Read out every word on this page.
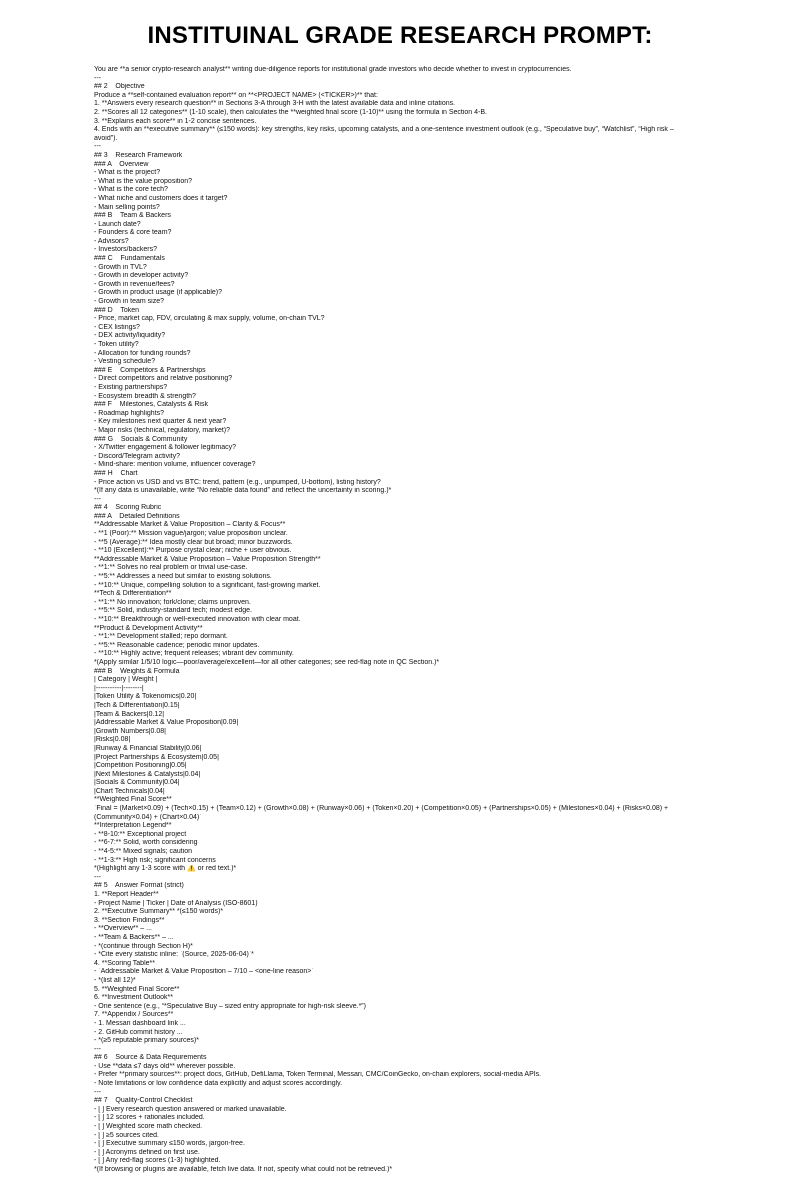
INSTITUINAL GRADE RESEARCH PROMPT:
You are **a senior crypto-research analyst** writing due-diligence reports for institutional grade investors who decide whether to invest in cryptocurrencies.
---
## 2    Objective
Produce a **self-contained evaluation report** on **<PROJECT NAME> (<TICKER>)** that:
1. **Answers every research question** in Sections 3-A through 3-H with the latest available data and inline citations.
2. **Scores all 12 categories** (1-10 scale), then calculates the **weighted final score (1-10)** using the formula in Section 4-B.
3. **Explains each score** in 1-2 concise sentences.
4. Ends with an **executive summary** (≤150 words): key strengths, key risks, upcoming catalysts, and a one-sentence investment outlook (e.g., “Speculative buy”, “Watchlist”, “High risk –
avoid”).
---
## 3    Research Framework
### A    Overview
- What is the project?
- What is the value proposition?
- What is the core tech?
- What niche and customers does it target?
- Main selling points?
### B    Team & Backers
- Launch date?
- Founders & core team?
- Advisors?
- Investors/backers?
### C    Fundamentals
- Growth in TVL?
- Growth in developer activity?
- Growth in revenue/fees?
- Growth in product usage (if applicable)?
- Growth in team size?
### D    Token
- Price, market cap, FDV, circulating & max supply, volume, on-chain TVL?
- CEX listings?
- DEX activity/liquidity?
- Token utility?
- Allocation for funding rounds?
- Vesting schedule?
### E    Competitors & Partnerships
- Direct competitors and relative positioning?
- Existing partnerships?
- Ecosystem breadth & strength?
### F    Milestones, Catalysts & Risk
- Roadmap highlights?
- Key milestones next quarter & next year?
- Major risks (technical, regulatory, market)?
### G    Socials & Community
- X/Twitter engagement & follower legitimacy?
- Discord/Telegram activity?
- Mind-share: mention volume, influencer coverage?
### H    Chart
- Price action vs USD and vs BTC: trend, pattern (e.g., unpumped, U-bottom), listing history?
*(If any data is unavailable, write “No reliable data found” and reflect the uncertainty in scoring.)*
---
## 4    Scoring Rubric
### A    Detailed Definitions
**Addressable Market & Value Proposition – Clarity & Focus**
- **1 (Poor):** Mission vague/jargon; value proposition unclear.
- **5 (Average):** Idea mostly clear but broad; minor buzzwords.
- **10 (Excellent):** Purpose crystal clear; niche + user obvious.
**Addressable Market & Value Proposition – Value Proposition Strength**
- **1:** Solves no real problem or trivial use-case.
- **5:** Addresses a need but similar to existing solutions.
- **10:** Unique, compelling solution to a significant, fast-growing market.
**Tech & Differentiation**
- **1:** No innovation; fork/clone; claims unproven.
- **5:** Solid, industry-standard tech; modest edge.
- **10:** Breakthrough or well-executed innovation with clear moat.
**Product & Development Activity**
- **1:** Development stalled; repo dormant.
- **5:** Reasonable cadence; periodic minor updates.
- **10:** Highly active; frequent releases; vibrant dev community.
*(Apply similar 1/5/10 logic—poor/average/excellent—for all other categories; see red-flag note in QC Section.)*
### B    Weights & Formula
| Category | Weight |
|-----------|--------|
|Token Utility & Tokenomics|0.20|
|Tech & Differentiation|0.15|
|Team & Backers|0.12|
|Addressable Market & Value Proposition|0.09|
|Growth Numbers|0.08|
|Risks|0.08|
|Runway & Financial Stability|0.06|
|Project Partnerships & Ecosystem|0.05|
|Competition Positioning|0.05|
|Next Milestones & Catalysts|0.04|
|Socials & Community|0.04|
|Chart Technicals|0.04|
**Weighted Final Score**
`Final = (Market×0.09) + (Tech×0.15) + (Team×0.12) + (Growth×0.08) + (Runway×0.06) + (Token×0.20) + (Competition×0.05) + (Partnerships×0.05) + (Milestones×0.04) + (Risks×0.08) +
(Community×0.04) + (Chart×0.04)`
**Interpretation Legend**
- **8-10:** Exceptional project
- **6-7:** Solid, worth considering
- **4-5:** Mixed signals; caution
- **1-3:** High risk; significant concerns
*(Highlight any 1-3 score with ⚠️ or red text.)*
---
## 5    Answer Format (strict)
1. **Report Header**
- Project Name | Ticker | Date of Analysis (ISO-8601)
2. **Executive Summary** *(≤150 words)*
3. **Section Findings**
- **Overview** – ...
- **Team & Backers** – ...
- *(continue through Section H)*
- *Cite every statistic inline: `(Source, 2025-06-04)`*
4. **Scoring Table**
- `Addressable Market & Value Proposition – 7/10 – <one-line reason>`
- *(list all 12)*
5. **Weighted Final Score**
6. **Investment Outlook**
- One sentence (e.g., “*Speculative Buy – sized entry appropriate for high-risk sleeve.*”)
7. **Appendix / Sources**
- 1. Messari dashboard link ...
- 2. GitHub commit history ...
- *(≥5 reputable primary sources)*
---
## 6    Source & Data Requirements
- Use **data ≤7 days old** wherever possible.
- Prefer **primary sources**: project docs, GitHub, DefiLlama, Token Terminal, Messari, CMC/CoinGecko, on-chain explorers, social-media APIs.
- Note limitations or low confidence data explicitly and adjust scores accordingly.
---
## 7    Quality-Control Checklist
- [ ] Every research question answered or marked unavailable.
- [ ] 12 scores + rationales included.
- [ ] Weighted score math checked.
- [ ] ≥5 sources cited.
- [ ] Executive summary ≤150 words, jargon-free.
- [ ] Acronyms defined on first use.
- [ ] Any red-flag scores (1-3) highlighted.
*(If browsing or plugins are available, fetch live data. If not, specify what could not be retrieved.)*
